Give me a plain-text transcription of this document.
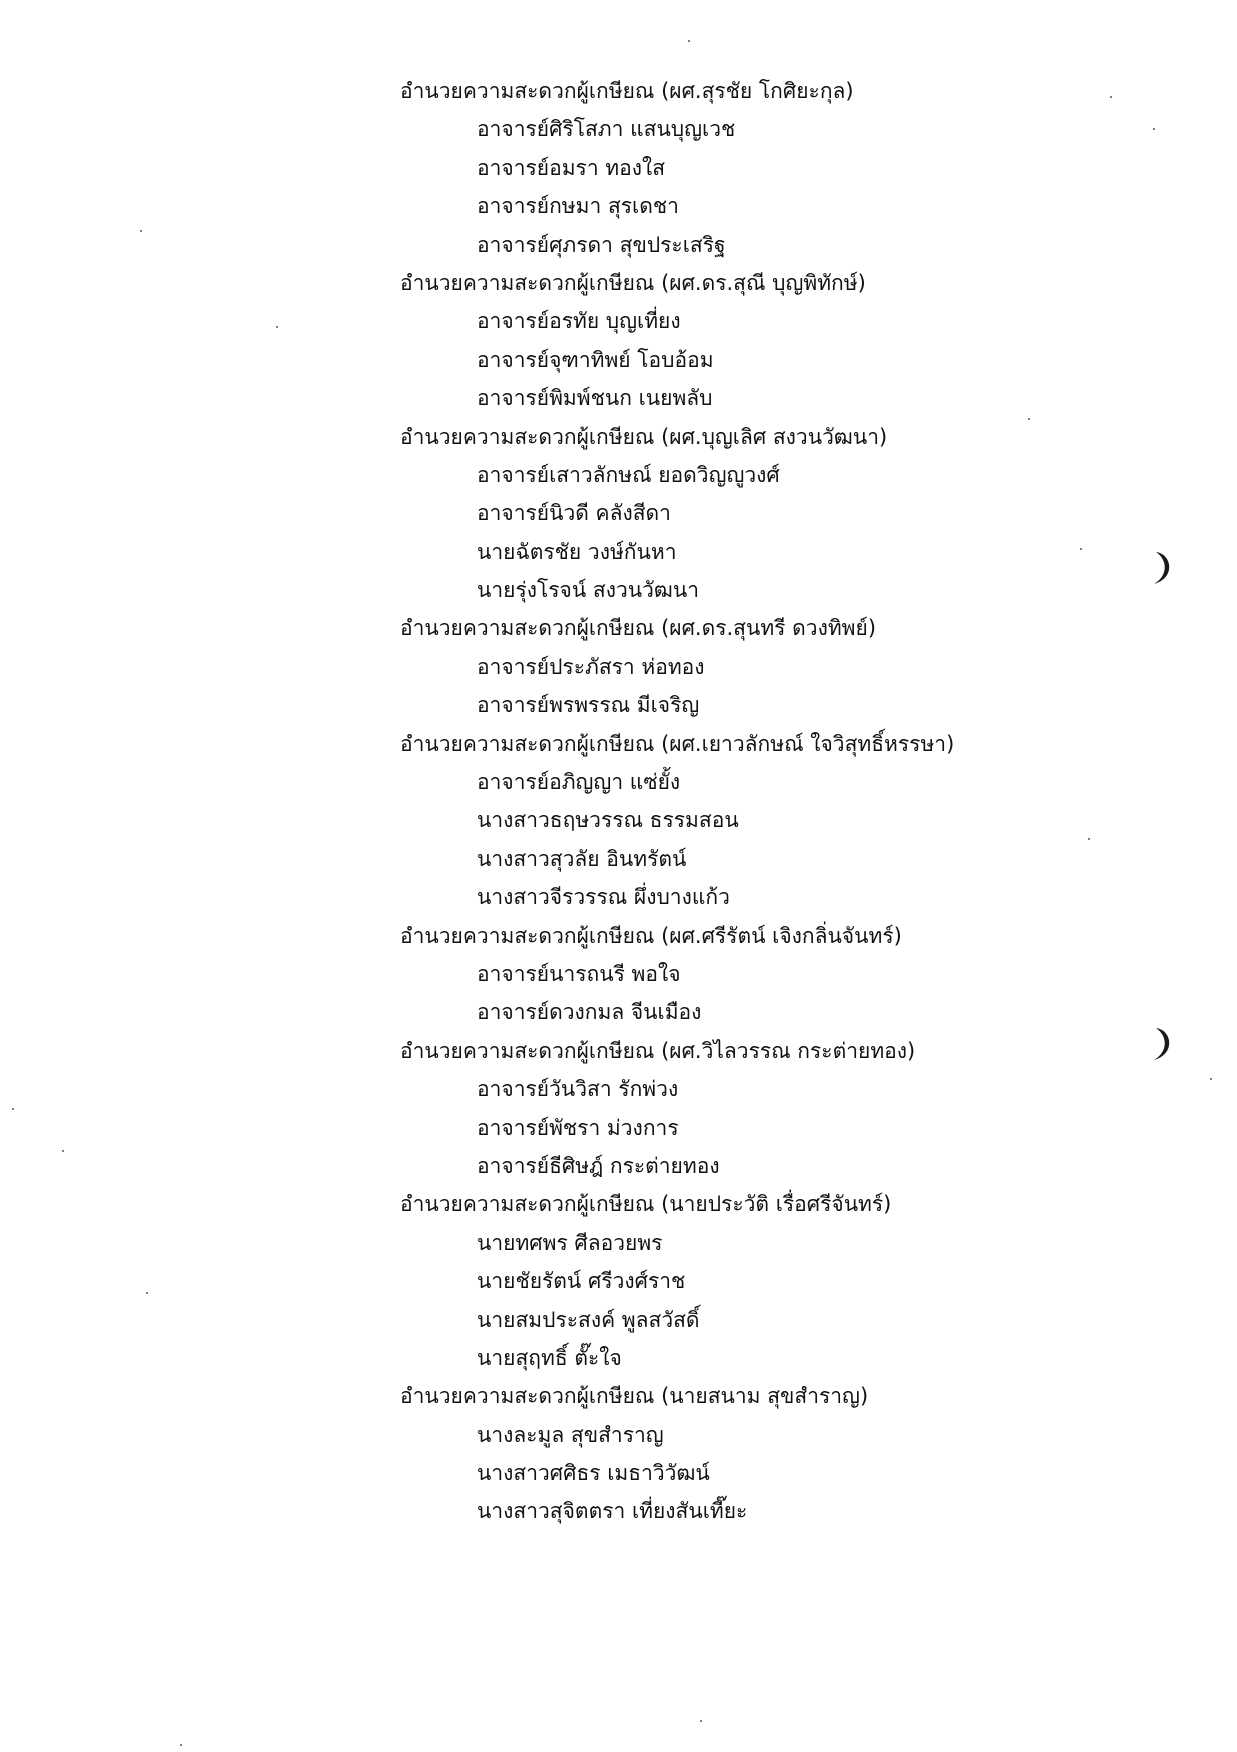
อำนวยความสะดวกผู้เกษียณ (ผศ.สุรชัย โกศิยะกุล)
อาจารย์ศิริโสภา แสนบุญเวช
อาจารย์อมรา ทองใส
อาจารย์กษมา สุรเดชา
อาจารย์ศุภรดา สุขประเสริฐ
อำนวยความสะดวกผู้เกษียณ (ผศ.ดร.สุณี บุญพิทักษ์)
อาจารย์อรทัย บุญเที่ยง
อาจารย์จุฑาทิพย์ โอบอ้อม
อาจารย์พิมพ์ชนก เนยพลับ
อำนวยความสะดวกผู้เกษียณ (ผศ.บุญเลิศ สงวนวัฒนา)
อาจารย์เสาวลักษณ์ ยอดวิญญูวงศ์
อาจารย์นิวดี คลังสีดา
นายฉัตรชัย วงษ์กันหา
นายรุ่งโรจน์ สงวนวัฒนา
อำนวยความสะดวกผู้เกษียณ (ผศ.ดร.สุนทรี ดวงทิพย์)
อาจารย์ประภัสรา ห่อทอง
อาจารย์พรพรรณ มีเจริญ
อำนวยความสะดวกผู้เกษียณ (ผศ.เยาวลักษณ์ ใจวิสุทธิ์หรรษา)
อาจารย์อภิญญา แซ่ยั้ง
นางสาวธฤษวรรณ ธรรมสอน
นางสาวสุวลัย อินทรัตน์
นางสาวจีรวรรณ ผึ่งบางแก้ว
อำนวยความสะดวกผู้เกษียณ (ผศ.ศรีรัตน์ เจิงกลิ่นจันทร์)
อาจารย์นารถนรี พอใจ
อาจารย์ดวงกมล จีนเมือง
อำนวยความสะดวกผู้เกษียณ (ผศ.วิไลวรรณ กระต่ายทอง)
อาจารย์วันวิสา รักพ่วง
อาจารย์พัชรา ม่วงการ
อาจารย์ธีศิษฎ์ กระต่ายทอง
อำนวยความสะดวกผู้เกษียณ (นายประวัติ เรื่อศรีจันทร์)
นายทศพร ศีลอวยพร
นายชัยรัตน์ ศรีวงศ์ราช
นายสมประสงค์ พูลสวัสดิ์
นายสุฤทธิ์ ตั๊ะใจ
อำนวยความสะดวกผู้เกษียณ (นายสนาม สุขสำราญ)
นางละมูล สุขสำราญ
นางสาวศศิธร เมธาวิวัฒน์
นางสาวสุจิตตรา เที่ยงสันเที๊ยะ
